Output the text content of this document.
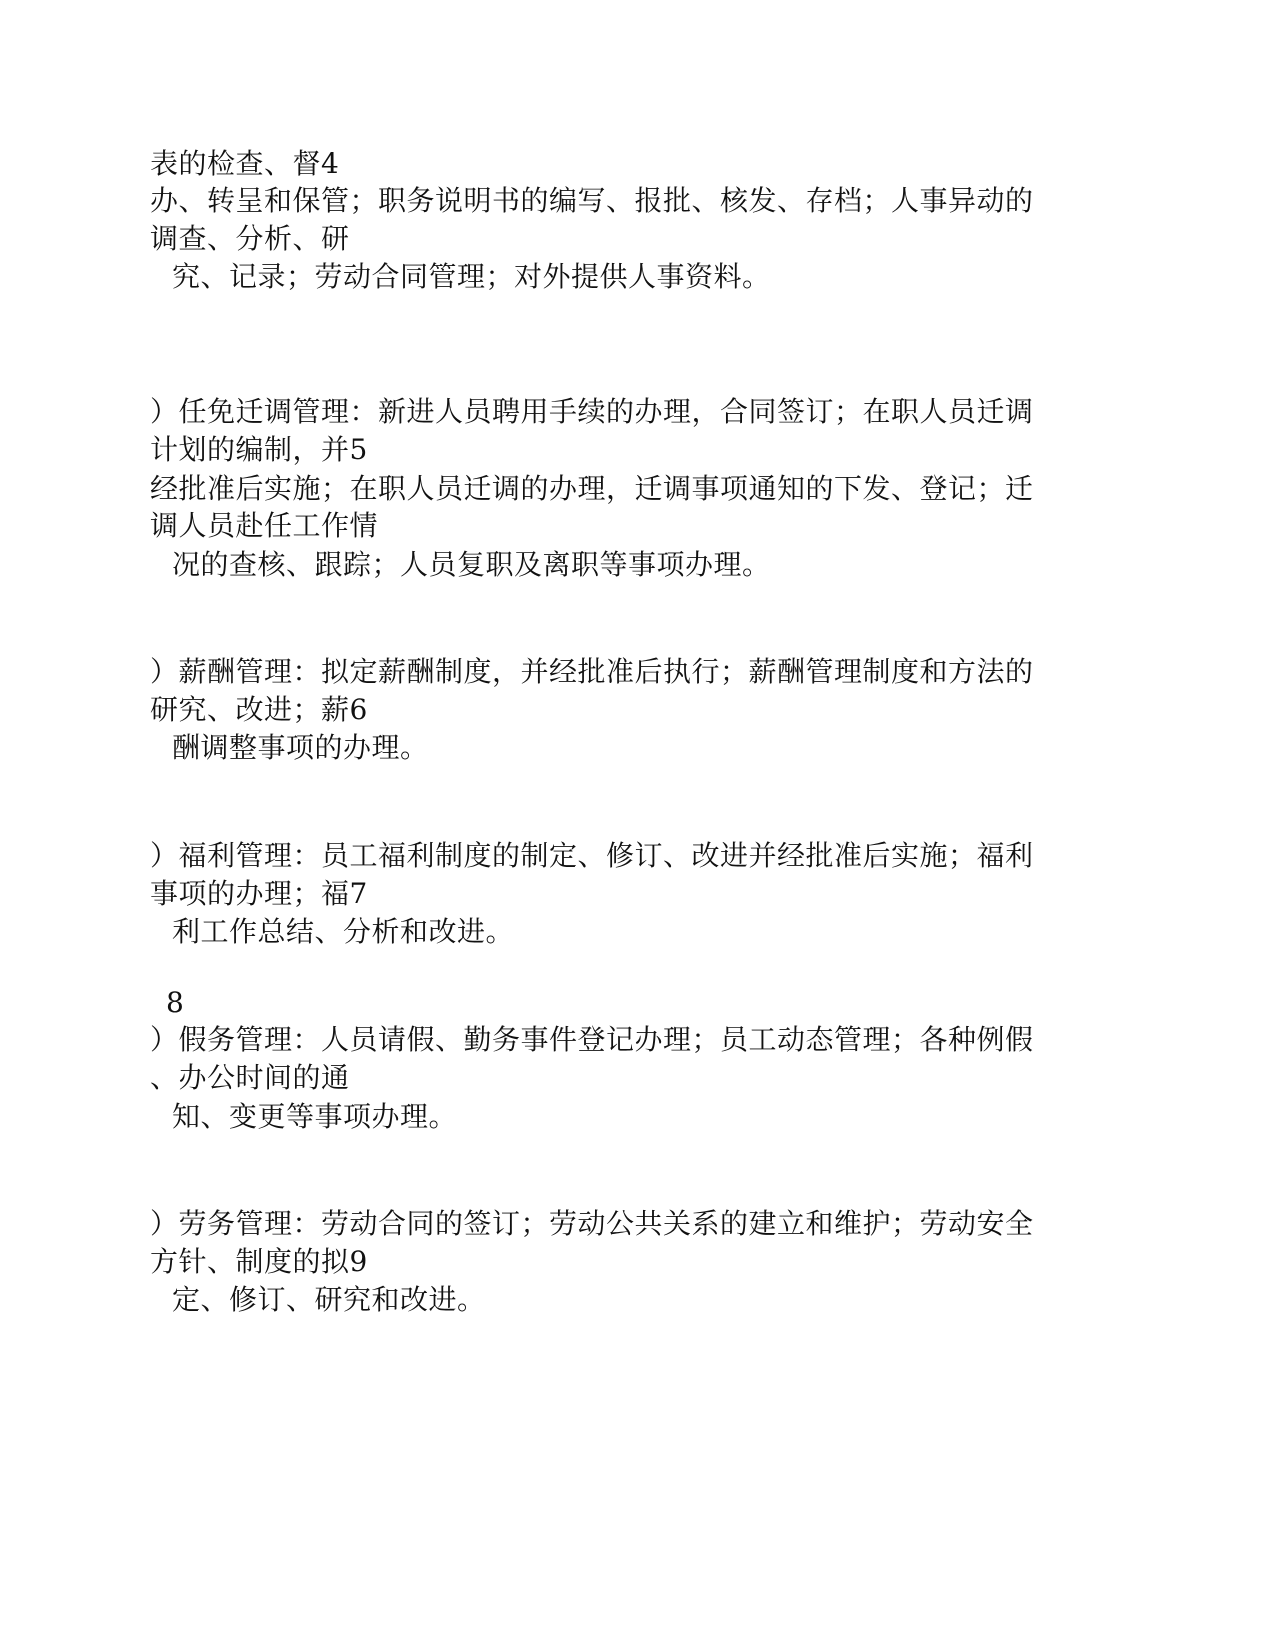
表的检查、督4
办、转呈和保管；职务说明书的编写、报批、核发、存档；人事异动的
调查、分析、研
究、记录；劳动合同管理；对外提供人事资料。
）任免迁调管理：新进人员聘用手续的办理，合同签订；在职人员迁调
计划的编制，并5
经批准后实施；在职人员迁调的办理，迁调事项通知的下发、登记；迁
调人员赴任工作情
况的查核、跟踪；人员复职及离职等事项办理。
）薪酬管理：拟定薪酬制度，并经批准后执行；薪酬管理制度和方法的
研究、改进；薪6
酬调整事项的办理。
）福利管理：员工福利制度的制定、修订、改进并经批准后实施；福利
事项的办理；福7
利工作总结、分析和改进。
8
）假务管理：人员请假、勤务事件登记办理；员工动态管理；各种例假
、办公时间的通
知、变更等事项办理。
）劳务管理：劳动合同的签订；劳动公共关系的建立和维护；劳动安全
方针、制度的拟9
定、修订、研究和改进。
